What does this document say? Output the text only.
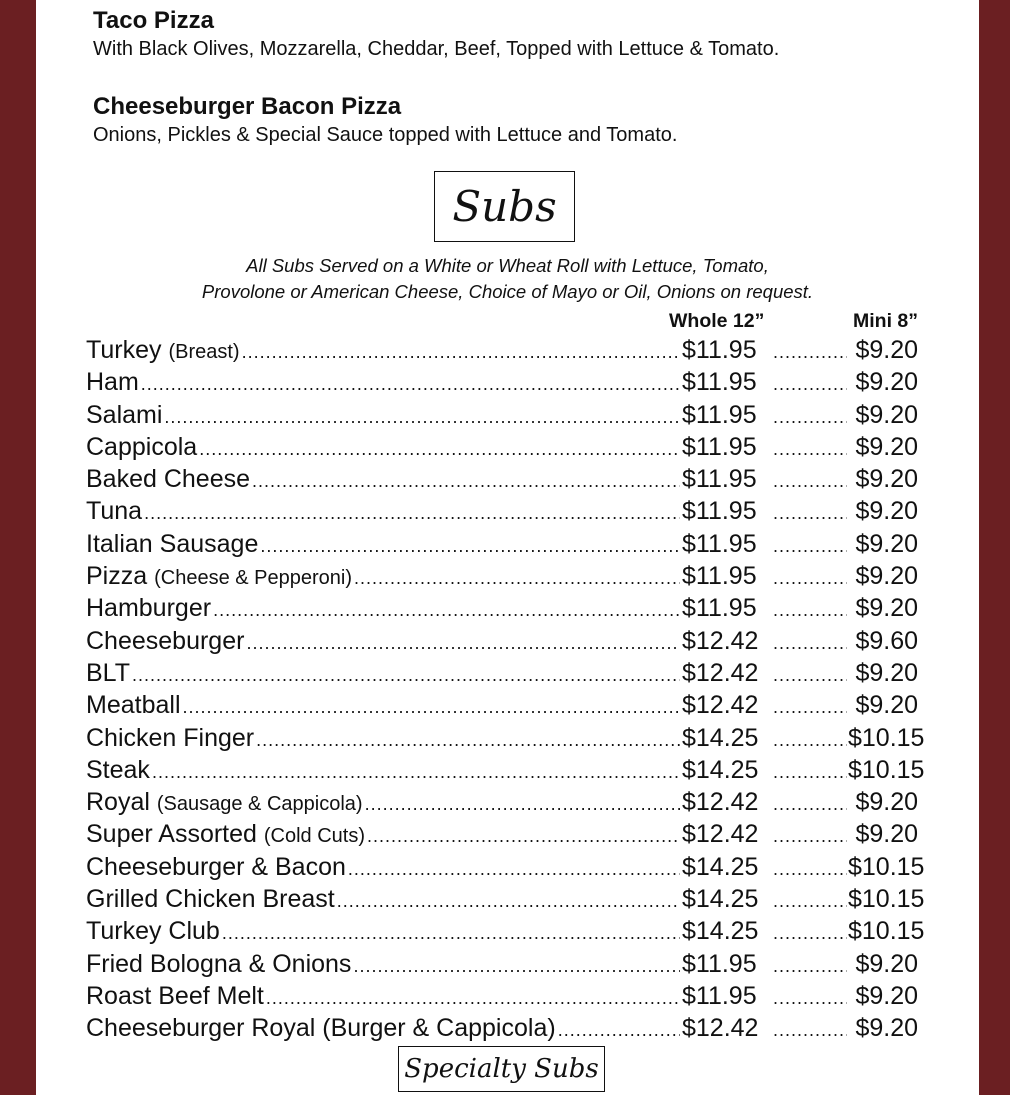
Taco Pizza
With Black Olives, Mozzarella, Cheddar, Beef, Topped with Lettuce & Tomato.
Cheeseburger Bacon Pizza
Onions, Pickles & Special Sauce topped with Lettuce and Tomato.
Subs
All Subs Served on a White or Wheat Roll with Lettuce, Tomato,
Provolone or American Cheese, Choice of Mayo or Oil, Onions on request.
Whole 12”	Mini 8”
Turkey (Breast) .....	$11.95 .....	$9.20
Ham .....	$11.95 .....	$9.20
Salami .....	$11.95 .....	$9.20
Cappicola .....	$11.95 .....	$9.20
Baked Cheese .....	$11.95 .....	$9.20
Tuna .....	$11.95 .....	$9.20
Italian Sausage .....	$11.95 .....	$9.20
Pizza (Cheese & Pepperoni) .....	$11.95 .....	$9.20
Hamburger .....	$11.95 .....	$9.20
Cheeseburger .....	$12.42 .....	$9.60
BLT .....	$12.42 .....	$9.20
Meatball .....	$12.42 .....	$9.20
Chicken Finger .....	$14.25 .....	$10.15
Steak .....	$14.25 .....	$10.15
Royal (Sausage & Cappicola) .....	$12.42 .....	$9.20
Super Assorted (Cold Cuts) .....	$12.42 .....	$9.20
Cheeseburger & Bacon .....	$14.25 .....	$10.15
Grilled Chicken Breast .....	$14.25 .....	$10.15
Turkey Club .....	$14.25 .....	$10.15
Fried Bologna & Onions .....	$11.95 .....	$9.20
Roast Beef Melt .....	$11.95 .....	$9.20
Cheeseburger Royal (Burger & Cappicola) .....	$12.42 .....	$9.20
Specialty Subs
